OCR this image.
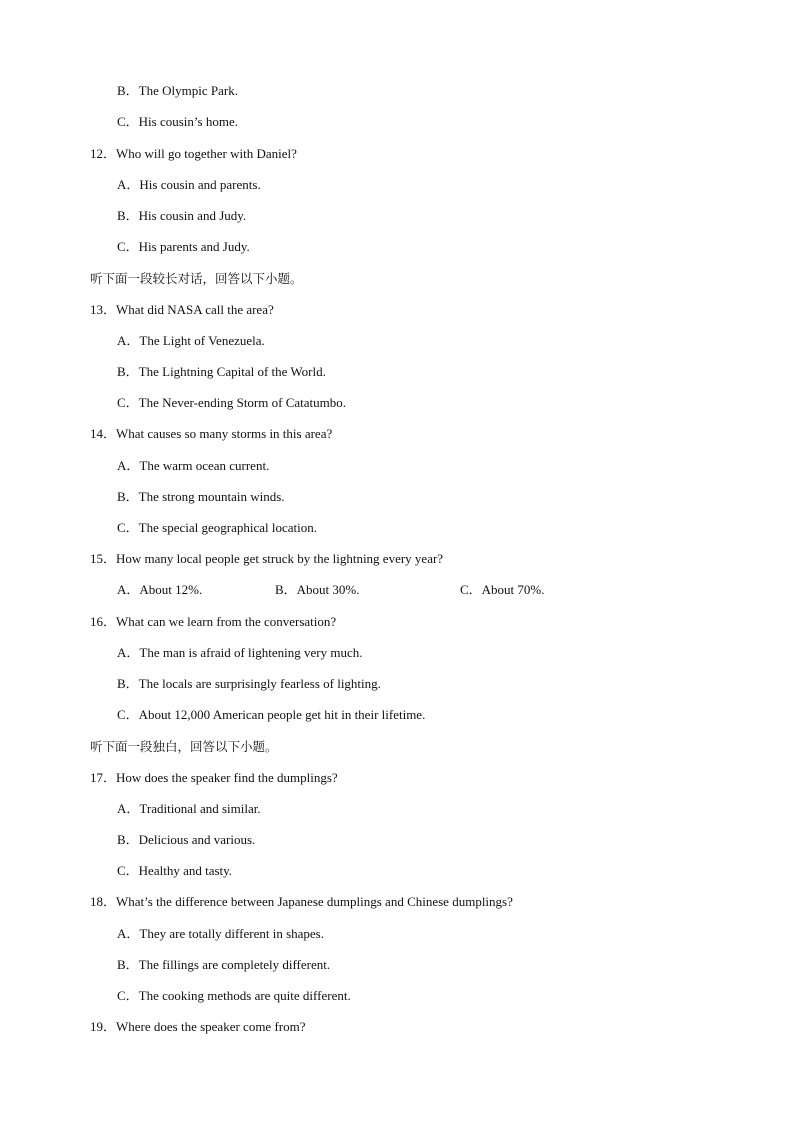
B．The Olympic Park.
C．His cousin’s home.
12．Who will go together with Daniel?
A．His cousin and parents.
B．His cousin and Judy.
C．His parents and Judy.
听下面一段较长对话，回答以下小题。
13．What did NASA call the area?
A．The Light of Venezuela.
B．The Lightning Capital of the World.
C．The Never-ending Storm of Catatumbo.
14．What causes so many storms in this area?
A．The warm ocean current.
B．The strong mountain winds.
C．The special geographical location.
15．How many local people get struck by the lightning every year?
A．About 12%.	B．About 30%.	C．About 70%.
16．What can we learn from the conversation?
A．The man is afraid of lightening very much.
B．The locals are surprisingly fearless of lighting.
C．About 12,000 American people get hit in their lifetime.
听下面一段独白，回答以下小题。
17．How does the speaker find the dumplings?
A．Traditional and similar.
B．Delicious and various.
C．Healthy and tasty.
18．What’s the difference between Japanese dumplings and Chinese dumplings?
A．They are totally different in shapes.
B．The fillings are completely different.
C．The cooking methods are quite different.
19．Where does the speaker come from?
